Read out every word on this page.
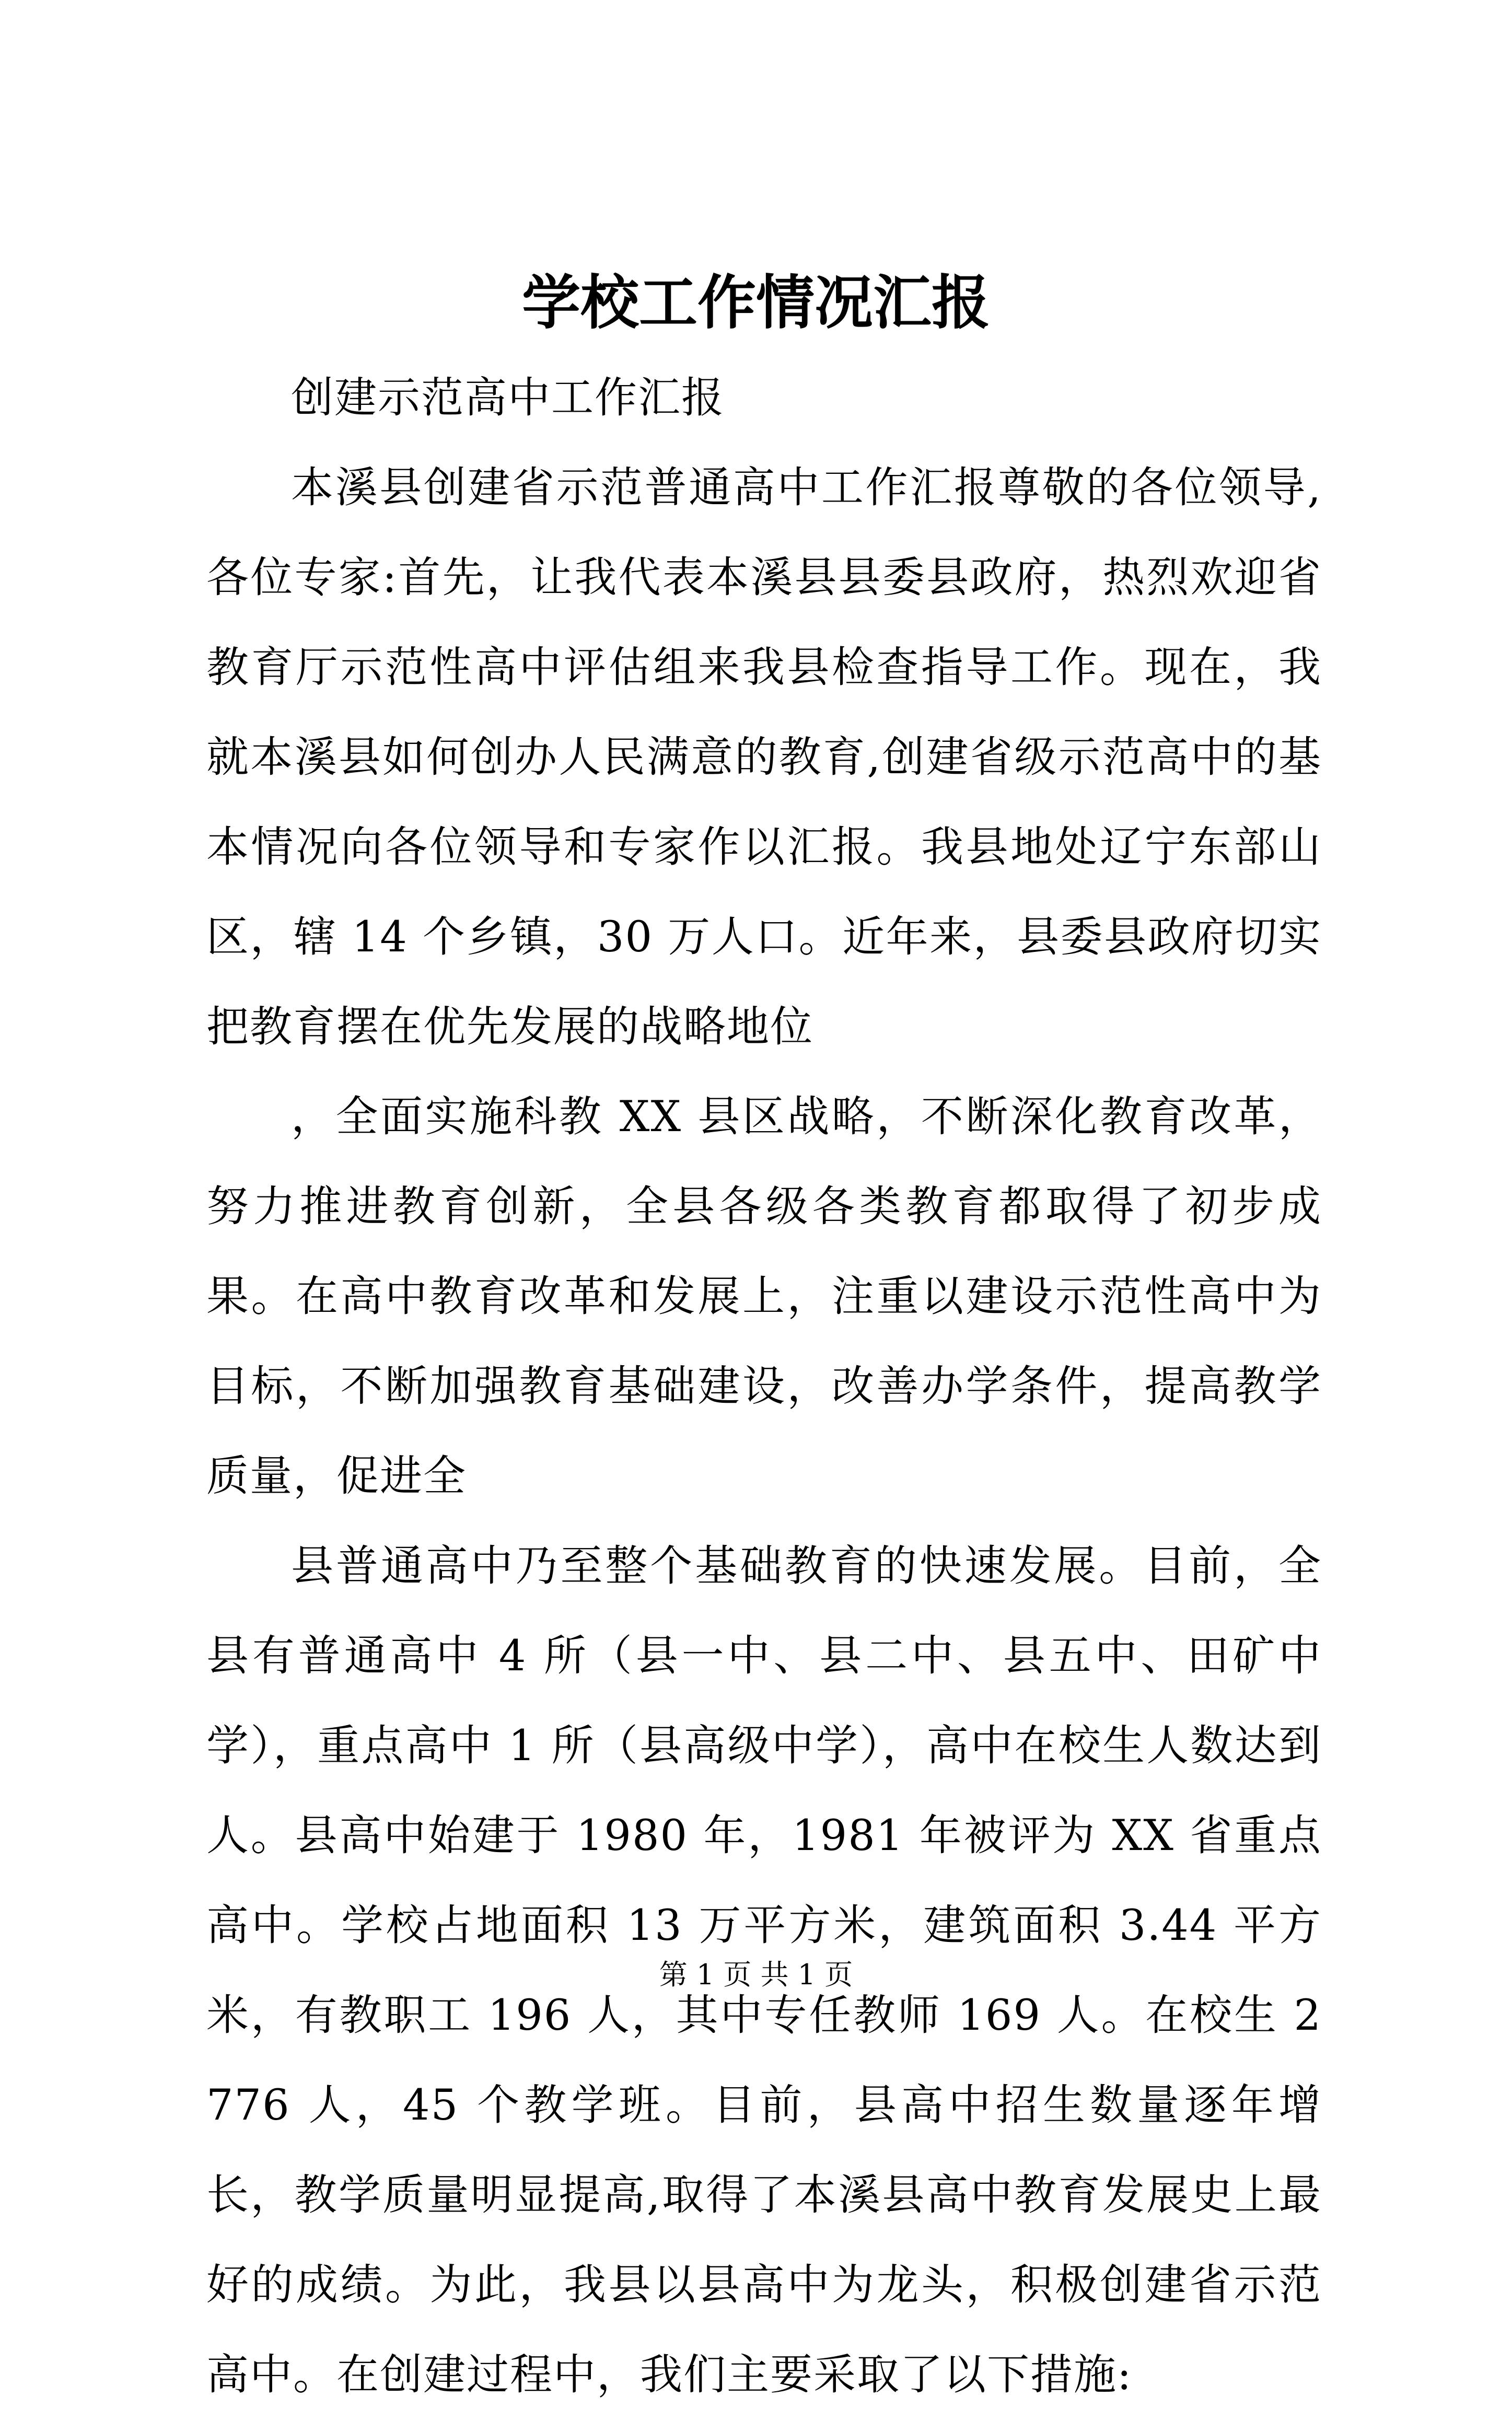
学校工作情况汇报

创建示范高中工作汇报

本溪县创建省示范普通高中工作汇报尊敬的各位领导,各位专家:首先，让我代表本溪县县委县政府，热烈欢迎省教育厅示范性高中评估组来我县检查指导工作。现在，我就本溪县如何创办人民满意的教育,创建省级示范高中的基本情况向各位领导和专家作以汇报。我县地处辽宁东部山区，辖 14 个乡镇，30 万人口。近年来，县委县政府切实把教育摆在优先发展的战略地位

，全面实施科教 XX 县区战略，不断深化教育改革，努力推进教育创新，全县各级各类教育都取得了初步成果。在高中教育改革和发展上，注重以建设示范性高中为目标，不断加强教育基础建设，改善办学条件，提高教学质量，促进全

县普通高中乃至整个基础教育的快速发展。目前，全县有普通高中 4 所（县一中、县二中、县五中、田矿中学），重点高中 1 所（县高级中学），高中在校生人数达到人。县高中始建于 1980 年，1981 年被评为 XX 省重点高中。学校占地面积 13 万平方米，建筑面积 3.44 平方米，有教职工 196 人，其中专任教师 169 人。在校生 2776 人，45 个教学班。目前，县高中招生数量逐年增长，教学质量明显提高,取得了本溪县高中教育发展史上最好的成绩。为此，我县以县高中为龙头，积极创建省示范高中。在创建过程中，我们主要采取了以下措施:

第 1 页 共 1 页
